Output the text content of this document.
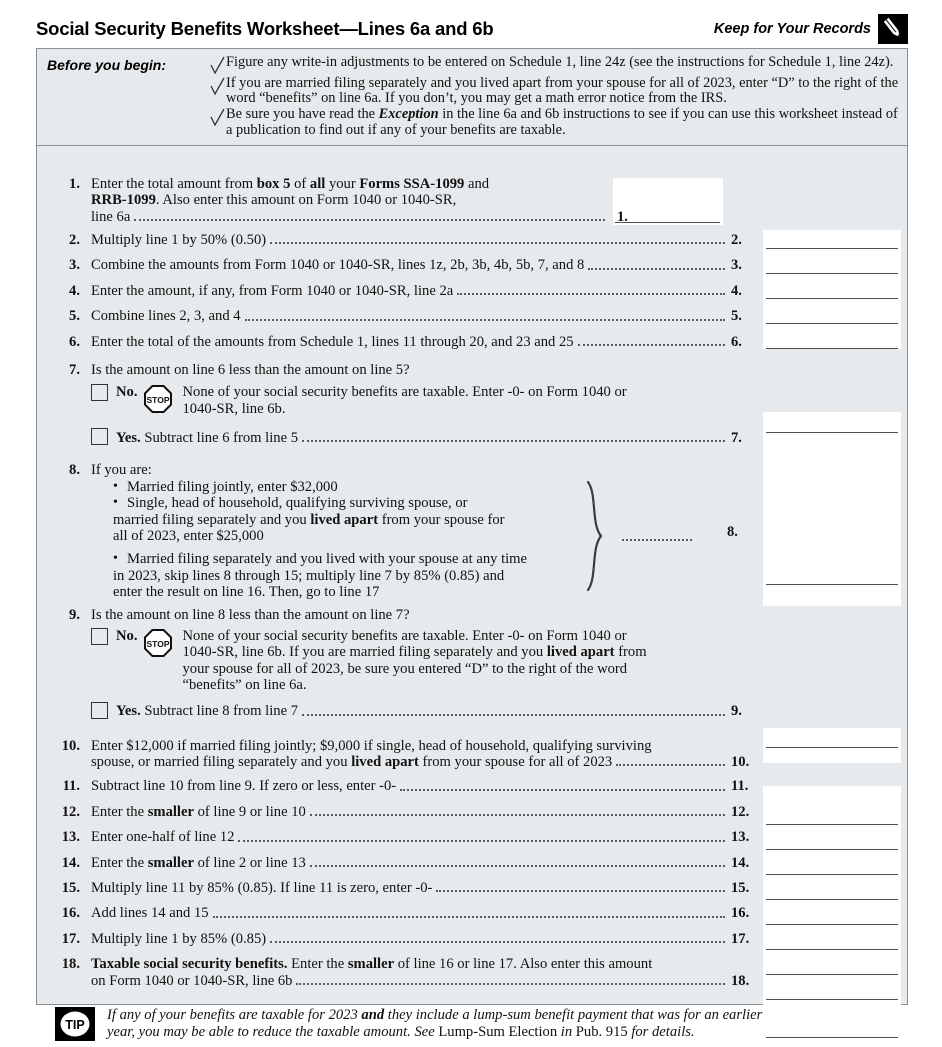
Social Security Benefits Worksheet—Lines 6a and 6b	Keep for Your Records
Before you begin:	Figure any write-in adjustments to be entered on Schedule 1, line 24z (see the instructions for Schedule 1, line 24z).
If you are married filing separately and you lived apart from your spouse for all of 2023, enter “D” to the right of the word “benefits” on line 6a. If you don’t, you may get a math error notice from the IRS.
Be sure you have read the Exception in the line 6a and 6b instructions to see if you can use this worksheet instead of a publication to find out if any of your benefits are taxable.
1. Enter the total amount from box 5 of all your Forms SSA-1099 and
RRB-1099. Also enter this amount on Form 1040 or 1040-SR,
line 6a	1.
2. Multiply line 1 by 50% (0.50)	2.
3. Combine the amounts from Form 1040 or 1040-SR, lines 1z, 2b, 3b, 4b, 5b, 7, and 8	3.
4. Enter the amount, if any, from Form 1040 or 1040-SR, line 2a	4.
5. Combine lines 2, 3, and 4	5.
6. Enter the total of the amounts from Schedule 1, lines 11 through 20, and 23 and 25	6.
7. Is the amount on line 6 less than the amount on line 5?
No. STOP None of your social security benefits are taxable. Enter -0- on Form 1040 or
1040-SR, line 6b.
Yes. Subtract line 6 from line 5	7.
8. If you are:
• Married filing jointly, enter $32,000
• Single, head of household, qualifying surviving spouse, or
married filing separately and you lived apart from your spouse for
all of 2023, enter $25,000
• Married filing separately and you lived with your spouse at any time
in 2023, skip lines 8 through 15; multiply line 7 by 85% (0.85) and
enter the result on line 16. Then, go to line 17
8.
9. Is the amount on line 8 less than the amount on line 7?
No. STOP None of your social security benefits are taxable. Enter -0- on Form 1040 or
1040-SR, line 6b. If you are married filing separately and you lived apart from
your spouse for all of 2023, be sure you entered “D” to the right of the word
“benefits” on line 6a.
Yes. Subtract line 8 from line 7	9.
10. Enter $12,000 if married filing jointly; $9,000 if single, head of household, qualifying surviving
spouse, or married filing separately and you lived apart from your spouse for all of 2023	10.
11. Subtract line 10 from line 9. If zero or less, enter -0-	11.
12. Enter the smaller of line 9 or line 10	12.
13. Enter one-half of line 12	13.
14. Enter the smaller of line 2 or line 13	14.
15. Multiply line 11 by 85% (0.85). If line 11 is zero, enter -0-	15.
16. Add lines 14 and 15	16.
17. Multiply line 1 by 85% (0.85)	17.
18. Taxable social security benefits. Enter the smaller of line 16 or line 17. Also enter this amount
on Form 1040 or 1040-SR, line 6b	18.
TIP
If any of your benefits are taxable for 2023 and they include a lump-sum benefit payment that was for an earlier
year, you may be able to reduce the taxable amount. See Lump-Sum Election in Pub. 915 for details.
